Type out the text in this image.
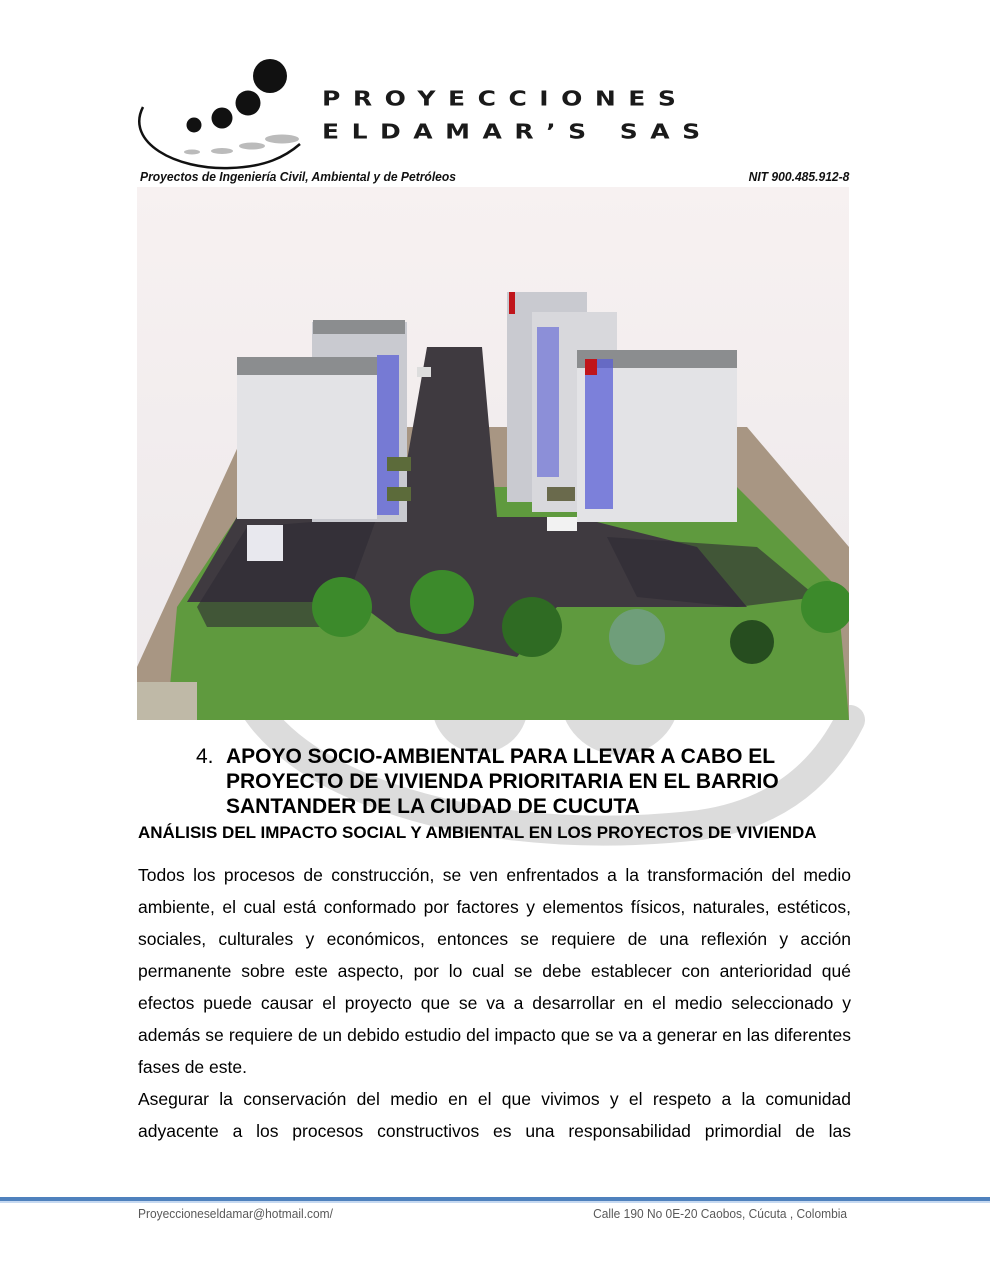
PROYECCIONES
ELDAMAR’S SAS
Proyectos de Ingeniería Civil, Ambiental y de Petróleos	NIT 900.485.912-8
4. APOYO SOCIO-AMBIENTAL PARA LLEVAR A CABO EL PROYECTO DE VIVIENDA PRIORITARIA EN EL BARRIO SANTANDER DE LA CIUDAD DE CUCUTA
ANÁLISIS DEL IMPACTO SOCIAL Y AMBIENTAL EN LOS PROYECTOS DE VIVIENDA

Todos los procesos de construcción, se ven enfrentados a la transformación del medio ambiente, el cual está conformado por factores y elementos físicos, naturales, estéticos, sociales, culturales y económicos, entonces se requiere de una reflexión y acción permanente sobre este aspecto, por lo cual se debe establecer con anterioridad qué efectos puede causar el proyecto que se va a desarrollar en el medio seleccionado y además se requiere de un debido estudio del impacto que se va a generar en las diferentes fases de este.

Asegurar la conservación del medio en el que vivimos y el respeto a la comunidad adyacente a los procesos constructivos es una responsabilidad primordial de las

Proyeccioneseldamar@hotmail.com/	Calle 190 No 0E-20 Caobos, Cúcuta , Colombia
